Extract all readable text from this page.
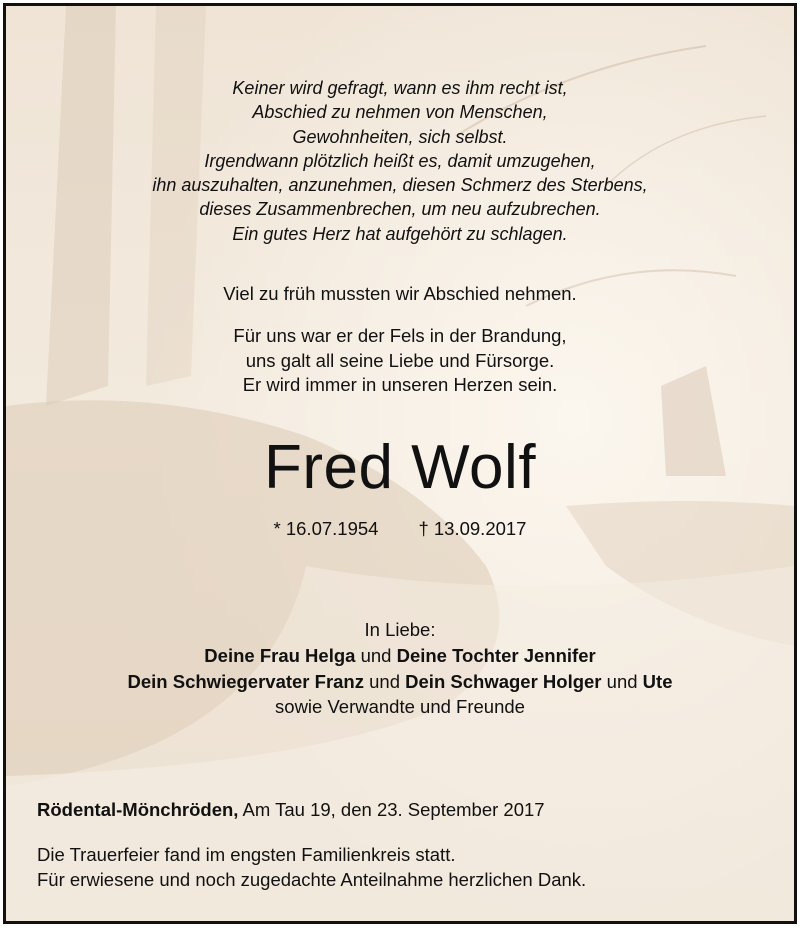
Keiner wird gefragt, wann es ihm recht ist,
Abschied zu nehmen von Menschen,
Gewohnheiten, sich selbst.
Irgendwann plötzlich heißt es, damit umzugehen,
ihn auszuhalten, anzunehmen, diesen Schmerz des Sterbens,
dieses Zusammenbrechen, um neu aufzubrechen.
Ein gutes Herz hat aufgehört zu schlagen.
Viel zu früh mussten wir Abschied nehmen.
Für uns war er der Fels in der Brandung,
uns galt all seine Liebe und Fürsorge.
Er wird immer in unseren Herzen sein.
Fred Wolf
* 16.07.1954 † 13.09.2017
In Liebe:
Deine Frau Helga und Deine Tochter Jennifer
Dein Schwiegervater Franz und Dein Schwager Holger und Ute
sowie Verwandte und Freunde
Rödental-Mönchröden, Am Tau 19, den 23. September 2017
Die Trauerfeier fand im engsten Familienkreis statt.
Für erwiesene und noch zugedachte Anteilnahme herzlichen Dank.
